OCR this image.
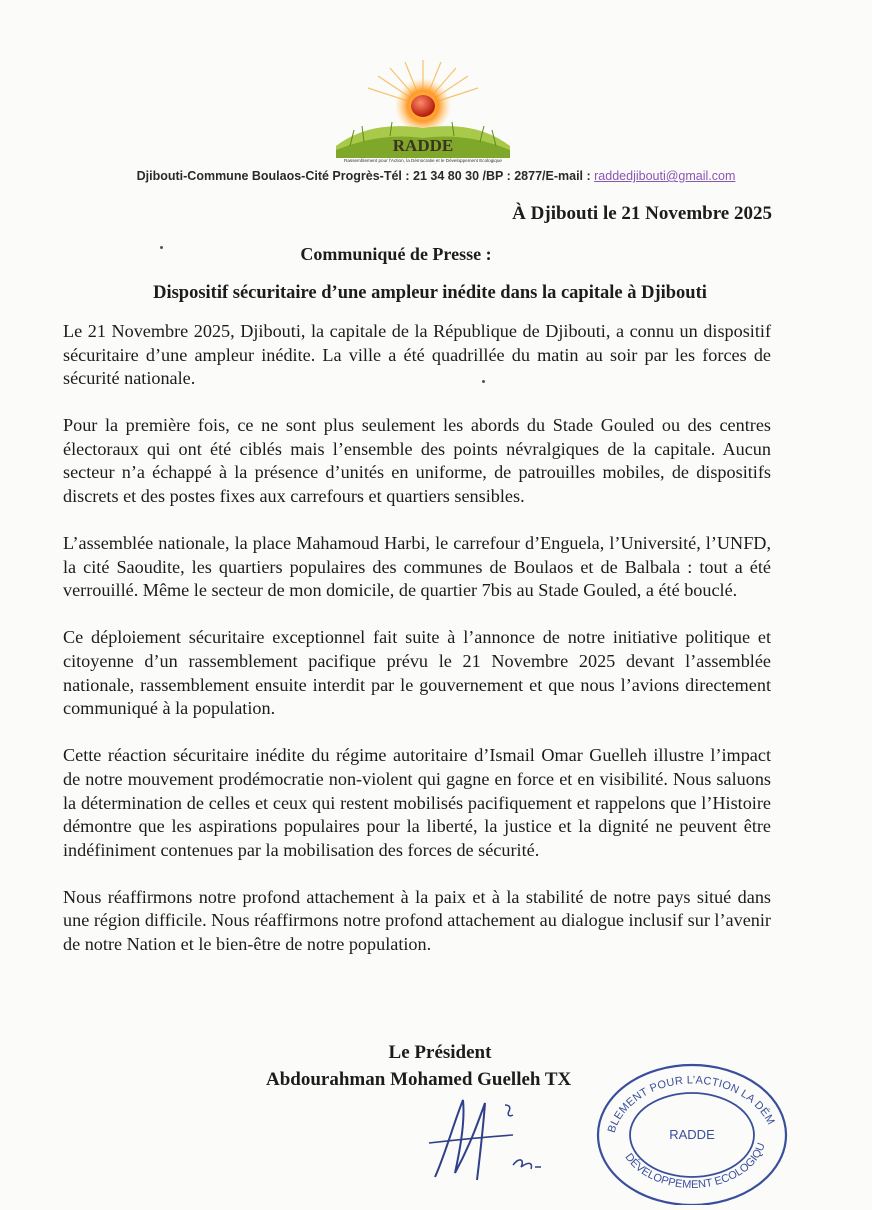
RADDE
Rassemblement pour l'Action, la Démocratie et le Développement Ecologique
Djibouti-Commune Boulaos-Cité Progrès-Tél : 21 34 80 30 /BP : 2877/E-mail : raddedjibouti@gmail.com
À Djibouti le 21 Novembre 2025
Communiqué de Presse :
Dispositif sécuritaire d’une ampleur inédite dans la capitale à Djibouti

Le 21 Novembre 2025, Djibouti, la capitale de la République de Djibouti, a connu un dispositif sécuritaire d’une ampleur inédite. La ville a été quadrillée du matin au soir par les forces de sécurité nationale.

Pour la première fois, ce ne sont plus seulement les abords du Stade Gouled ou des centres électoraux qui ont été ciblés mais l’ensemble des points névralgiques de la capitale. Aucun secteur n’a échappé à la présence d’unités en uniforme, de patrouilles mobiles, de dispositifs discrets et des postes fixes aux carrefours et quartiers sensibles.

L’assemblée nationale, la place Mahamoud Harbi, le carrefour d’Enguela, l’Université, l’UNFD, la cité Saoudite, les quartiers populaires des communes de Boulaos et de Balbala : tout a été verrouillé. Même le secteur de mon domicile, de quartier 7bis au Stade Gouled, a été bouclé.

Ce déploiement sécuritaire exceptionnel fait suite à l’annonce de notre initiative politique et citoyenne d’un rassemblement pacifique prévu le 21 Novembre 2025 devant l’assemblée nationale, rassemblement ensuite interdit par le gouvernement et que nous l’avions directement communiqué à la population.

Cette réaction sécuritaire inédite du régime autoritaire d’Ismail Omar Guelleh illustre l’impact de notre mouvement prodémocratie non-violent qui gagne en force et en visibilité. Nous saluons la détermination de celles et ceux qui restent mobilisés pacifiquement et rappelons que l’Histoire démontre que les aspirations populaires pour la liberté, la justice et la dignité ne peuvent être indéfiniment contenues par la mobilisation des forces de sécurité.

Nous réaffirmons notre profond attachement à la paix et à la stabilité de notre pays situé dans une région difficile. Nous réaffirmons notre profond attachement au dialogue inclusif sur l’avenir de notre Nation et le bien-être de notre population.

Le Président
Abdourahman Mohamed Guelleh TX
BLEMENT POUR L’ACTION LA DÉM
DÉVELOPPEMENT ECOLOGIQU
RADDE
